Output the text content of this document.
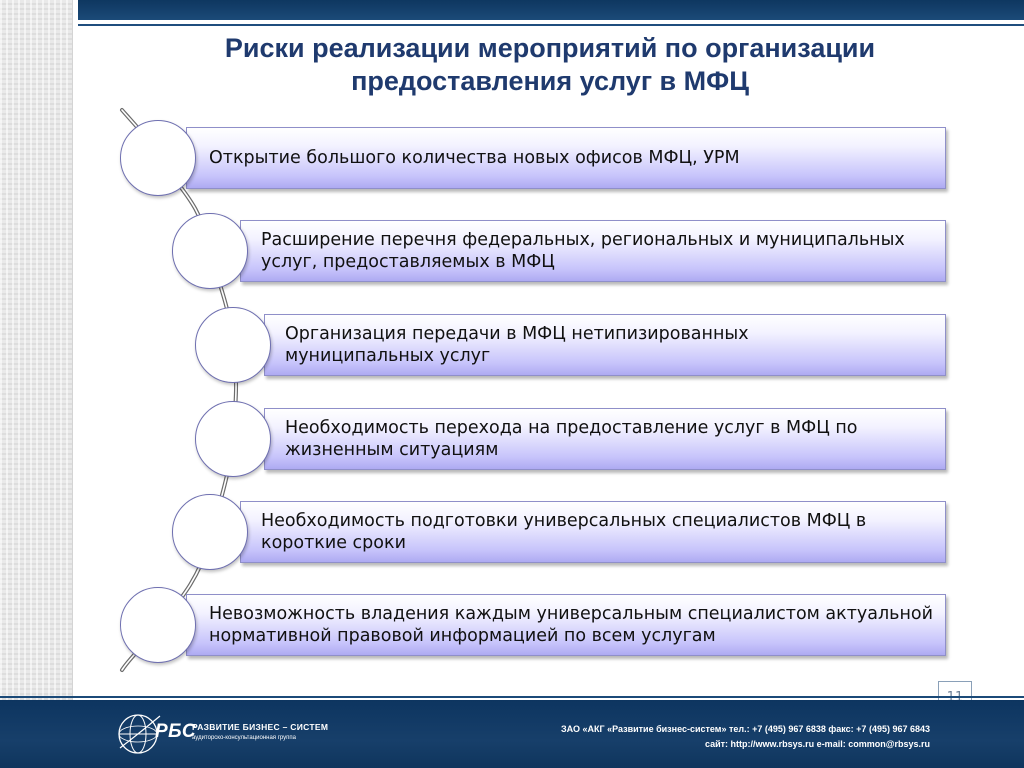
Риски реализации мероприятий по организации
предоставления услуг в МФЦ
Открытие большого количества новых офисов МФЦ, УРМ
Расширение перечня федеральных, региональных и муниципальных услуг, предоставляемых в МФЦ
Организация передачи в МФЦ нетипизированных муниципальных услуг
Необходимость перехода на предоставление услуг в МФЦ по жизненным ситуациям
Необходимость подготовки универсальных специалистов МФЦ в короткие сроки
Невозможность владения каждым универсальным специалистом актуальной нормативной правовой информацией по всем услугам
РБС
РАЗВИТИЕ БИЗНЕС – СИСТЕМ
аудиторско-консультационная группа
ЗАО «АКГ «Развитие бизнес-систем» тел.: +7 (495) 967 6838 факс: +7 (495) 967 6843
сайт: http://www.rbsys.ru e-mail: common@rbsys.ru
